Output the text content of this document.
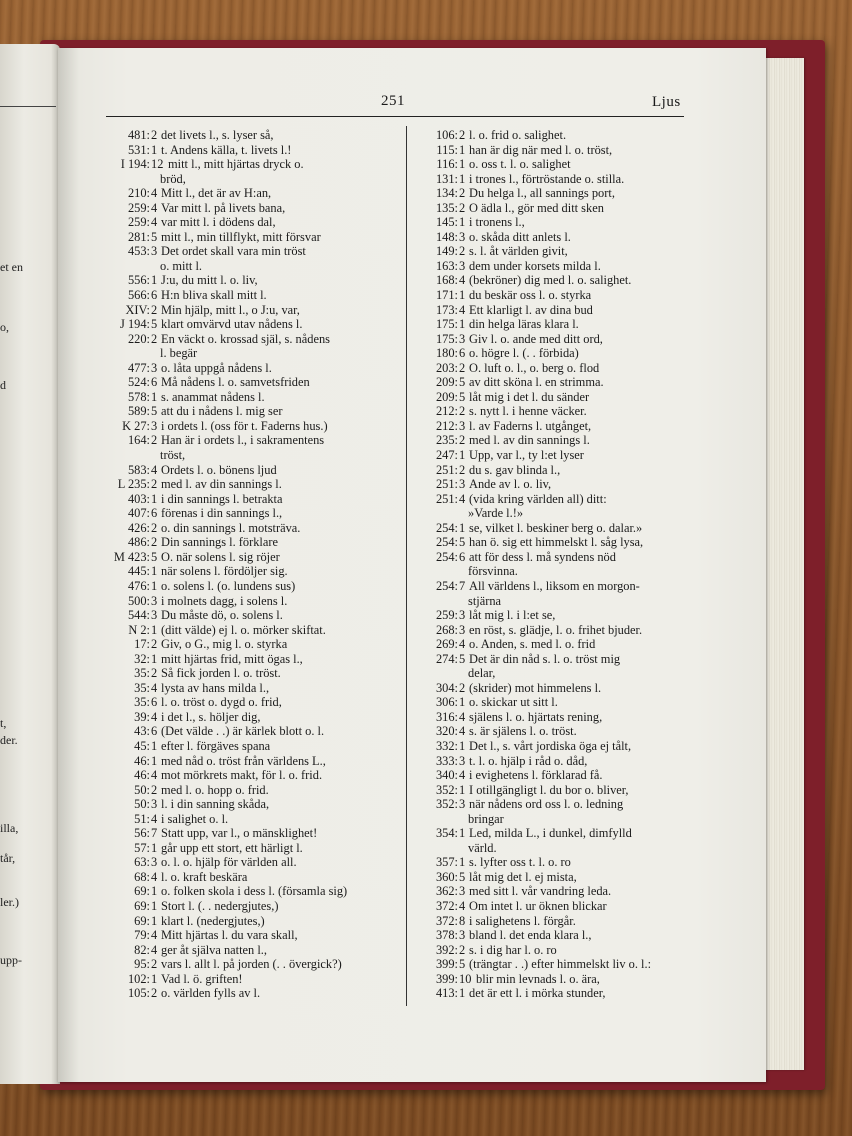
et en
o,
d
t,
der.
illa,
tår,
ler.)
upp-
251	Ljus
481: 2 det livets l., s. lyser så,
531: 1 t. Andens källa, t. livets l.!
I 194: 12 mitt l., mitt hjärtas dryck o.
bröd,
210: 4 Mitt l., det är av H:an,
259: 4 Var mitt l. på livets bana,
259: 4 var mitt l. i dödens dal,
281: 5 mitt l., min tillflykt, mitt försvar
453: 3 Det ordet skall vara min tröst
o. mitt l.
556: 1 J:u, du mitt l. o. liv,
566: 6 H:n bliva skall mitt l.
XIV: 2 Min hjälp, mitt l., o J:u, var,
J 194: 5 klart omvärvd utav nådens l.
220: 2 En väckt o. krossad själ, s. nådens
l. begär
477: 3 o. låta uppgå nådens l.
524: 6 Må nådens l. o. samvetsfriden
578: 1 s. anammat nådens l.
589: 5 att du i nådens l. mig ser
K 27: 3 i ordets l. (oss för t. Faderns hus.)
164: 2 Han är i ordets l., i sakramentens
tröst,
583: 4 Ordets l. o. bönens ljud
L 235: 2 med l. av din sannings l.
403: 1 i din sannings l. betrakta
407: 6 förenas i din sannings l.,
426: 2 o. din sannings l. motsträva.
486: 2 Din sannings l. förklare
M 423: 5 O. när solens l. sig röjer
445: 1 när solens l. fördöljer sig.
476: 1 o. solens l. (o. lundens sus)
500: 3 i molnets dagg, i solens l.
544: 3 Du måste dö, o. solens l.
N 2: 1 (ditt välde) ej l. o. mörker skiftat.
17: 2 Giv, o G., mig l. o. styrka
32: 1 mitt hjärtas frid, mitt ögas l.,
35: 2 Så fick jorden l. o. tröst.
35: 4 lysta av hans milda l.,
35: 6 l. o. tröst o. dygd o. frid,
39: 4 i det l., s. höljer dig,
43: 6 (Det välde . .) är kärlek blott o. l.
45: 1 efter l. förgäves spana
46: 1 med nåd o. tröst från världens L.,
46: 4 mot mörkrets makt, för l. o. frid.
50: 2 med l. o. hopp o. frid.
50: 3 l. i din sanning skåda,
51: 4 i salighet o. l.
56: 7 Statt upp, var l., o mänsklighet!
57: 1 går upp ett stort, ett härligt l.
63: 3 o. l. o. hjälp för världen all.
68: 4 l. o. kraft beskära
69: 1 o. folken skola i dess l. (församla sig)
69: 1 Stort l. (. . nedergjutes,)
69: 1 klart l. (nedergjutes,)
79: 4 Mitt hjärtas l. du vara skall,
82: 4 ger åt själva natten l.,
95: 2 vars l. allt l. på jorden (. . övergick?)
102: 1 Vad l. ö. griften!
105: 2 o. världen fylls av l.
106: 2 l. o. frid o. salighet.
115: 1 han är dig när med l. o. tröst,
116: 1 o. oss t. l. o. salighet
131: 1 i trones l., förtröstande o. stilla.
134: 2 Du helga l., all sannings port,
135: 2 O ädla l., gör med ditt sken
145: 1 i tronens l.,
148: 3 o. skåda ditt anlets l.
149: 2 s. l. åt världen givit,
163: 3 dem under korsets milda l.
168: 4 (bekröner) dig med l. o. salighet.
171: 1 du beskär oss l. o. styrka
173: 4 Ett klarligt l. av dina bud
175: 1 din helga läras klara l.
175: 3 Giv l. o. ande med ditt ord,
180: 6 o. högre l. (. . förbida)
203: 2 O. luft o. l., o. berg o. flod
209: 5 av ditt sköna l. en strimma.
209: 5 låt mig i det l. du sänder
212: 2 s. nytt l. i henne väcker.
212: 3 l. av Faderns l. utgånget,
235: 2 med l. av din sannings l.
247: 1 Upp, var l., ty l:et lyser
251: 2 du s. gav blinda l.,
251: 3 Ande av l. o. liv,
251: 4 (vida kring världen all) ditt:
»Varde l.!»
254: 1 se, vilket l. beskiner berg o. dalar.»
254: 5 han ö. sig ett himmelskt l. såg lysa,
254: 6 att för dess l. må syndens nöd
försvinna.
254: 7 All världens l., liksom en morgon-
stjärna
259: 3 låt mig l. i l:et se,
268: 3 en röst, s. glädje, l. o. frihet bjuder.
269: 4 o. Anden, s. med l. o. frid
274: 5 Det är din nåd s. l. o. tröst mig
delar,
304: 2 (skrider) mot himmelens l.
306: 1 o. skickar ut sitt l.
316: 4 själens l. o. hjärtats rening,
320: 4 s. är själens l. o. tröst.
332: 1 Det l., s. vårt jordiska öga ej tålt,
333: 3 t. l. o. hjälp i råd o. dåd,
340: 4 i evighetens l. förklarad få.
352: 1 I otillgängligt l. du bor o. bliver,
352: 3 när nådens ord oss l. o. ledning
bringar
354: 1 Led, milda L., i dunkel, dimfylld
värld.
357: 1 s. lyfter oss t. l. o. ro
360: 5 låt mig det l. ej mista,
362: 3 med sitt l. vår vandring leda.
372: 4 Om intet l. ur öknen blickar
372: 8 i salighetens l. förgår.
378: 3 bland l. det enda klara l.,
392: 2 s. i dig har l. o. ro
399: 5 (trängtar . .) efter himmelskt liv o. l.:
399: 10 blir min levnads l. o. ära,
413: 1 det är ett l. i mörka stunder,
